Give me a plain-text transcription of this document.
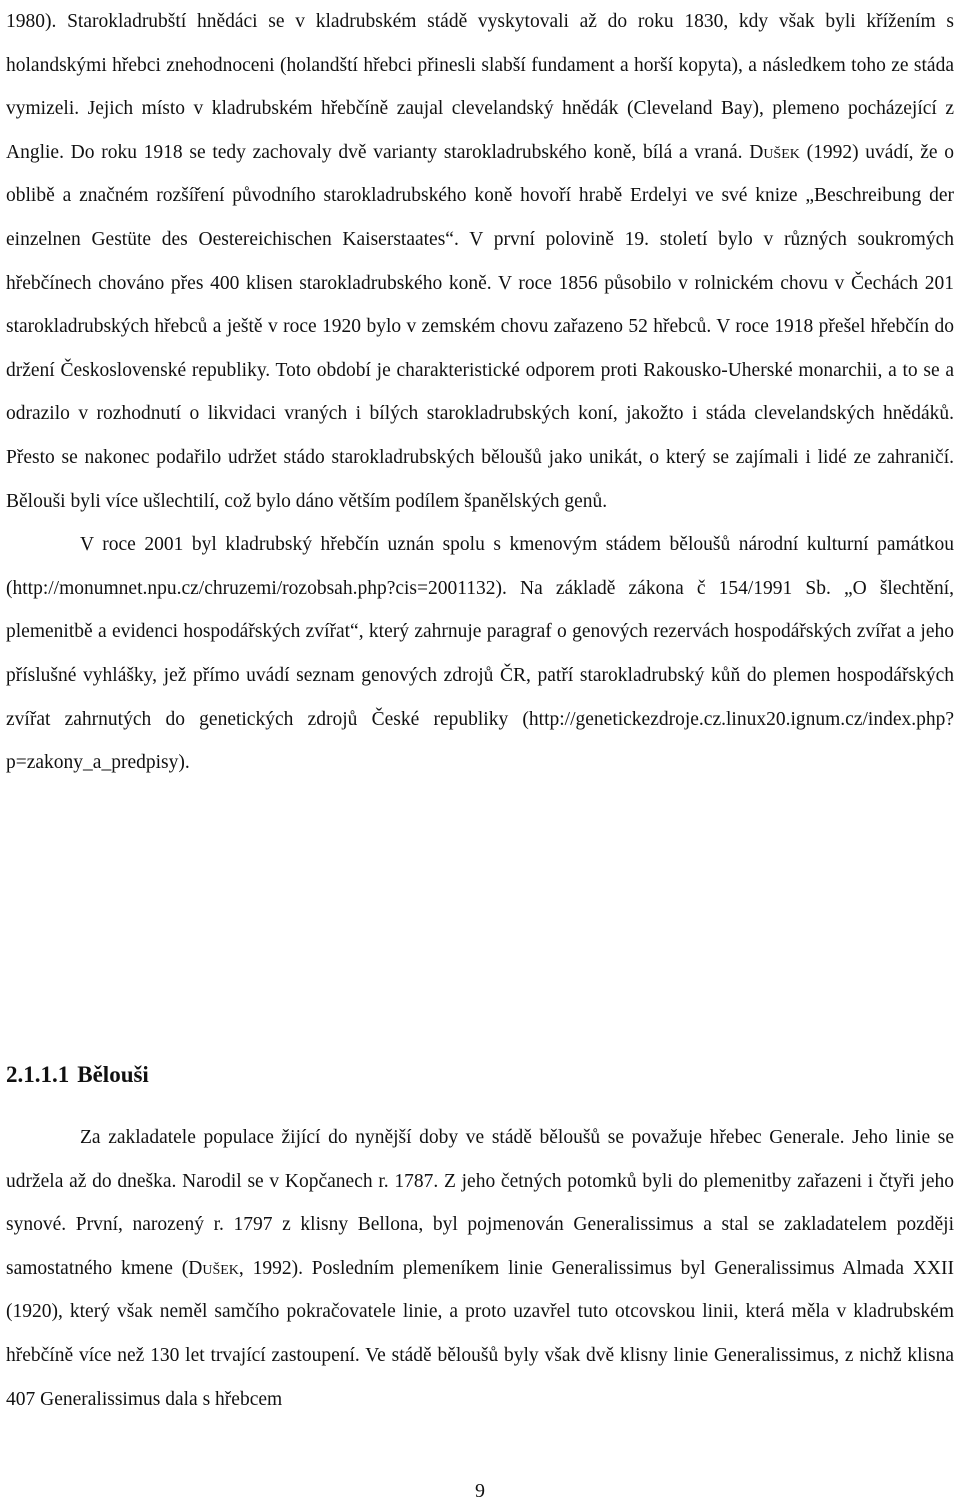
1980). Starokladrubští hnědáci se v kladrubském stádě vyskytovali až do roku 1830, kdy však byli křížením s holandskými hřebci znehodnoceni (holandští hřebci přinesli slabší fundament a horší kopyta), a následkem toho ze stáda vymizeli. Jejich místo v kladrubském hřebčíně zaujal clevelandský hnědák (Cleveland Bay), plemeno pocházející z Anglie. Do roku 1918 se tedy zachovaly dvě varianty starokladrubského koně, bílá a vraná. Dušek (1992) uvádí, že o oblibě a značném rozšíření původního starokladrubského koně hovoří hrabě Erdelyi ve své knize „Beschreibung der einzelnen Gestüte des Oestereichischen Kaiserstaates“. V první polovině 19. století bylo v různých soukromých hřebčínech chováno přes 400 klisen starokladrubského koně. V roce 1856 působilo v rolnickém chovu v Čechách 201 starokladrubských hřebců a ještě v roce 1920 bylo v zemském chovu zařazeno 52 hřebců. V roce 1918 přešel hřebčín do držení Československé republiky. Toto období je charakteristické odporem proti Rakousko-Uherské monarchii, a to se a odrazilo v rozhodnutí o likvidaci vraných i bílých starokladrubských koní, jakožto i stáda clevelandských hnědáků. Přesto se nakonec podařilo udržet stádo starokladrubských běloušů jako unikát, o který se zajímali i lidé ze zahraničí. Běloušі byli více ušlechtilí, což bylo dáno větším podílem španělských genů.

V roce 2001 byl kladrubský hřebčín uznán spolu s kmenovým stádem běloušů národní kulturní památkou (http://monumnet.npu.cz/chruzemi/rozobsah.php?cis=2001132). Na základě zákona č 154/1991 Sb. „O šlechtění, plemenitbě a evidenci hospodářských zvířat“, který zahrnuje paragraf o genových rezervách hospodářských zvířat a jeho příslušné vyhlášky, jež přímo uvádí seznam genových zdrojů ČR, patří starokladrubský kůň do plemen hospodářských zvířat zahrnutých do genetických zdrojů České republiky (http://genetickezdroje.cz.linux20.ignum.cz/index.php?p=zakony_a_predpisy).

2.1.1.1 Bělouši

Za zakladatele populace žijící do nynější doby ve stádě běloušů se považuje hřebec Generale. Jeho linie se udržela až do dneška. Narodil se v Kopčanech r. 1787. Z jeho četných potomků byli do plemenitby zařazeni i čtyři jeho synové. První, narozený r. 1797 z klisny Bellona, byl pojmenován Generalissimus a stal se zakladatelem později samostatného kmene (Dušek, 1992). Posledním plemeníkem linie Generalissimus byl Generalissimus Almada XXII (1920), který však neměl samčího pokračovatele linie, a proto uzavřel tuto otcovskou linii, která měla v kladrubském hřebčíně více než 130 let trvající zastoupení. Ve stádě běloušů byly však dvě klisny linie Generalissimus, z nichž klisna 407 Generalissimus dala s hřebcem

9
